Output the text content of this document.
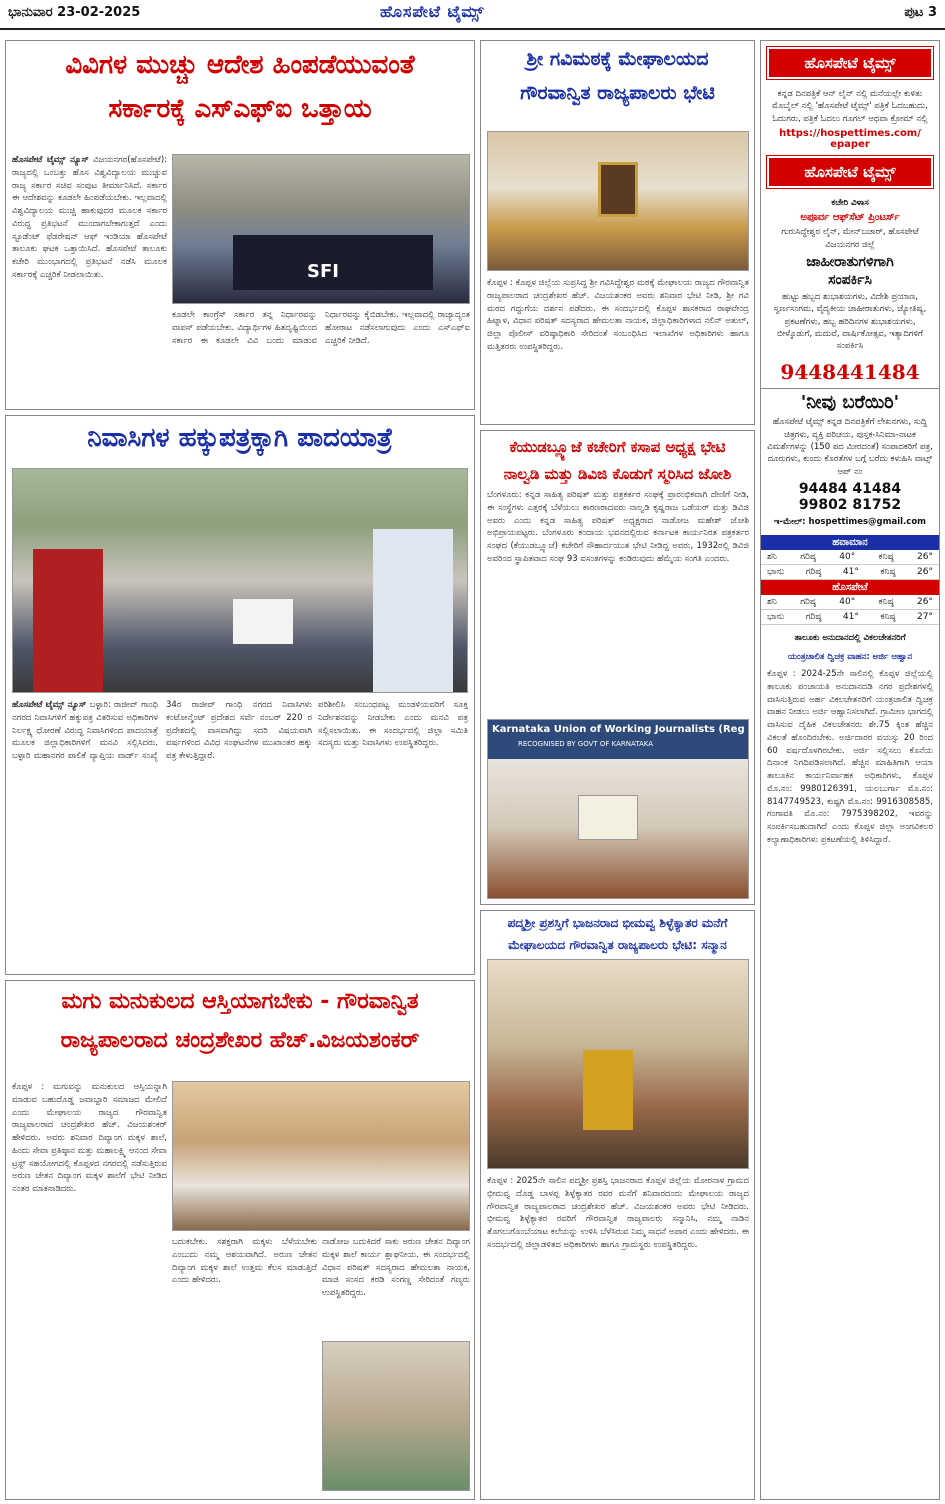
ಭಾನುವಾರ 23-02-2025	ಹೊಸಪೇಟೆ ಟೈಮ್ಸ್	ಪುಟ 3
ವಿವಿಗಳ ಮುಚ್ಚು ಆದೇಶ ಹಿಂಪಡೆಯುವಂತೆ
ಸರ್ಕಾರಕ್ಕೆ ಎಸ್‌ಎಫ್‌ಐ ಒತ್ತಾಯ
ಹೊಸಪೇಟೆ ಟೈಮ್ಸ್ ನ್ಯೂಸ್ ವಿಜಯನಗರ(ಹೊಸಪೇಟೆ): ರಾಜ್ಯದಲ್ಲಿ ಒಂಬತ್ತು ಹೊಸ ವಿಶ್ವವಿದ್ಯಾಲಯ ಮುಚ್ಚುವ ರಾಜ್ಯ ಸರ್ಕಾರ ಸಚಿವ ಸಂಪುಟ ತೀರ್ಮಾನಿಸಿದೆ. ಸರ್ಕಾರ ಈ ಆದೇಶವನ್ನು ಕೂಡಲೇ ಹಿಂಪಡೆಯಬೇಕು. ಇಲ್ಲವಾದಲ್ಲಿ ವಿಶ್ವವಿದ್ಯಾಲಯ ಮುಚ್ಚಿ ಹಾಕುವುದರ ಮೂಲಕ ಸರ್ಕಾರ ವಿರುದ್ಧ ಪ್ರತಿಭಟನೆ ಮುಂದಾಗಬೇಕಾಗುತ್ತದೆ ಎಂದು ಸ್ಟೂಡೆಂಟ್ ಫೆಡರೇಷನ್ ಆಫ್ ಇಂಡಿಯಾ ಹೊಸಪೇಟೆ ತಾಲೂಕು ಘಟಕ ಒತ್ತಾಯಿಸಿದೆ. ಹೊಸಪೇಟೆ ತಾಲೂಕು ಕಚೇರಿ ಮುಂಭಾಗದಲ್ಲಿ ಪ್ರತಿಭಟನೆ ನಡೆಸಿ ಮೂಲಕ ಸರ್ಕಾರಕ್ಕೆ ಎಚ್ಚರಿಕೆ ನೀಡಲಾಯಿತು.	SFI
ಕೂಡಲೇ ಕಾಂಗ್ರೆಸ್ ಸರ್ಕಾರ ತನ್ನ ನಿರ್ಧಾರವನ್ನು ವಾಪಸ್ ಪಡೆಯಬೇಕು. ವಿದ್ಯಾರ್ಥಿಗಳ ಹಿತದೃಷ್ಟಿಯಿಂದ ಸರ್ಕಾರ ಈ ಕೂಡಲೇ ವಿವಿ ಬಂದು ಮಾಡುವ ನಿರ್ಧಾರವನ್ನು ಕೈಬಿಡಬೇಕು. ಇಲ್ಲವಾದಲ್ಲಿ ರಾಜ್ಯಾದ್ಯಂತ ಹೋರಾಟ ನಡೆಸಲಾಗುವುದು ಎಂದು ಎಸ್‌ಎಫ್‌ಐ ಎಚ್ಚರಿಕೆ ನೀಡಿದೆ.
ನಿವಾಸಿಗಳ ಹಕ್ಕುಪತ್ರಕ್ಕಾಗಿ ಪಾದಯಾತ್ರೆ
ಹೊಸಪೇಟೆ ಟೈಮ್ಸ್ ನ್ಯೂಸ್ ಬಳ್ಳಾರಿ: ರಾಜೀವ್ ಗಾಂಧಿ ನಗರದ ನಿವಾಸಿಗಳಿಗೆ ಹಕ್ಕುಪತ್ರ ವಿತರಿಸುವ ಅಧಿಕಾರಿಗಳ ನಿರ್ಲಕ್ಷ್ಯ ಧೋರಣೆ ವಿರುದ್ಧ ನಿವಾಸಿಗಳಿಂದ ಪಾದಯಾತ್ರೆ ಮೂಲಕ ಜಿಲ್ಲಾಧಿಕಾರಿಗಳಿಗೆ ಮನವಿ ಸಲ್ಲಿಸಿದರು. ಬಳ್ಳಾರಿ ಮಹಾನಗರ ಪಾಲಿಕೆ ವ್ಯಾಪ್ತಿಯ ವಾರ್ಡ್ ಸಂಖ್ಯೆ 34ರ ರಾಜೀವ್ ಗಾಂಧಿ ನಗರದ ನಿವಾಸಿಗಳು ಕಂಟೋನ್ಮೆಂಟ್ ಪ್ರದೇಶದ ಸರ್ವೆ ನಂಬರ್ 220 ರ ಪ್ರದೇಶದಲ್ಲಿ ವಾಸವಾಗಿದ್ದು ಸದರಿ ವಿಷಯವಾಗಿ ವರ್ಷಗಳಿಂದ ವಿವಿಧ ಸಂಘಟನೆಗಳ ಮುಖಾಂತರ ಹಕ್ಕು ಪತ್ರ ಕೇಳುತ್ತಿದ್ದಾರೆ.
ಪರಿಶೀಲಿಸಿ ಸಂಬಂಧಪಟ್ಟ ಮಂಡಳಿಯವರಿಗೆ ಸೂಕ್ತ ನಿರ್ದೇಶನವನ್ನು ನೀಡಬೇಕು ಎಂದು ಮನವಿ ಪತ್ರ ಸಲ್ಲಿಸಲಾಯಿತು. ಈ ಸಂದರ್ಭದಲ್ಲಿ ಜಿಲ್ಲಾ ಸಮಿತಿ ಸದಸ್ಯರು ಮತ್ತು ನಿವಾಸಿಗಳು ಉಪಸ್ಥಿತರಿದ್ದರು.
ಮಗು ಮನುಕುಲದ ಆಸ್ತಿಯಾಗಬೇಕು - ಗೌರವಾನ್ವಿತ
ರಾಜ್ಯಪಾಲರಾದ ಚಂದ್ರಶೇಖರ ಹೆಚ್.ವಿಜಯಶಂಕರ್
ಕೊಪ್ಪಳ : ಮಗುವನ್ನು ಮನುಕುಲದ ಆಸ್ತಿಯನ್ನಾಗಿ ಮಾಡುವ ಬಹುದೊಡ್ಡ ಜವಾಬ್ದಾರಿ ಸಮಾಜದ ಮೇಲಿದೆ ಎಂದು ಮೇಘಾಲಯ ರಾಜ್ಯದ ಗೌರವಾನ್ವಿತ ರಾಜ್ಯಪಾಲರಾದ ಚಂದ್ರಶೇಖರ ಹೆಚ್. ವಿಜಯಶಂಕರ್ ಹೇಳಿದರು. ಅವರು ಶನಿವಾರ ದಿವ್ಯಾಂಗ ಮಕ್ಕಳ ಶಾಲೆ, ಹಿಂದು ಸೇವಾ ಪ್ರತಿಷ್ಠಾನ ಮತ್ತು ಮಹಾಲಕ್ಷ್ಮಿ ಆನಂದ ಸೇವಾ ಟ್ರಸ್ಟ್ ಸಹಯೋಗದಲ್ಲಿ ಕೊಪ್ಪಳದ ನಗರದಲ್ಲಿ ನಡೆಸುತ್ತಿರುವ ಅರುಣ ಚೇತನ ದಿವ್ಯಾಂಗ ಮಕ್ಕಳ ಶಾಲೆಗೆ ಭೇಟಿ ನೀಡಿದ ನಂತರ ಮಾತನಾಡಿದರು.
ಬದುಕಬೇಕು. ಸಶಕ್ತರಾಗಿ ಮಕ್ಕಳು ಬೆಳೆಯಬೇಕು ಎಂಬುದು ನಮ್ಮ ಆಶಯವಾಗಿದೆ. ಅರುಣ ಚೇತನ ದಿವ್ಯಾಂಗ ಮಕ್ಕಳ ಶಾಲೆ ಉತ್ತಮ ಕೆಲಸ ಮಾಡುತ್ತಿದೆ ಎಂದು ಹೇಳಿದರು.
ನಾಡೋಜ ಬದುಕಿದರೆ ಸಾಕು ಅರುಣ ಚೇತನ ದಿವ್ಯಾಂಗ ಮಕ್ಕಳ ಶಾಲೆ ಕಾರ್ಯ ಶ್ಲಾಘನೀಯ. ಈ ಸಂದರ್ಭದಲ್ಲಿ ವಿಧಾನ ಪರಿಷತ್ ಸದಸ್ಯರಾದ ಹೇಮಲತಾ ನಾಯಕ, ಮಾಜಿ ಸಂಸದ ಕರಡಿ ಸಂಗಣ್ಣ ಸೇರಿದಂತೆ ಗಣ್ಯರು ಉಪಸ್ಥಿತರಿದ್ದರು.
ಶ್ರೀ ಗವಿಮಠಕ್ಕೆ ಮೇಘಾಲಯದ
ಗೌರವಾನ್ವಿತ ರಾಜ್ಯಪಾಲರು ಭೇಟಿ
ಕೊಪ್ಪಳ : ಕೊಪ್ಪಳ ಜಿಲ್ಲೆಯ ಸುಪ್ರಸಿದ್ಧ ಶ್ರೀ ಗವಿಸಿದ್ಧೇಶ್ವರ ಮಠಕ್ಕೆ ಮೇಘಾಲಯ ರಾಜ್ಯದ ಗೌರವಾನ್ವಿತ ರಾಜ್ಯಪಾಲರಾದ ಚಂದ್ರಶೇಖರ ಹೆಚ್. ವಿಜಯಶಂಕರ ಅವರು ಶನಿವಾರ ಭೇಟಿ ನೀಡಿ, ಶ್ರೀ ಗವಿ ಮಠದ ಗದ್ದುಗೆಯ ದರ್ಶನ ಪಡೆದರು. ಈ ಸಂದರ್ಭದಲ್ಲಿ ಕೊಪ್ಪಳ ಶಾಸಕರಾದ ರಾಘವೇಂದ್ರ ಹಿಟ್ನಾಳ, ವಿಧಾನ ಪರಿಷತ್ ಸದಸ್ಯರಾದ ಹೇಮಲತಾ ನಾಯಕ, ಜಿಲ್ಲಾಧಿಕಾರಿಗಳಾದ ನಲಿನ್ ಅತುಲ್, ಜಿಲ್ಲಾ ಪೊಲೀಸ್ ವರಿಷ್ಠಾಧಿಕಾರಿ ಸೇರಿದಂತೆ ಸಂಬಂಧಿಸಿದ ಇಲಾಖೆಗಳ ಅಧಿಕಾರಿಗಳು ಹಾಗೂ ಮತ್ತಿತರರು ಉಪಸ್ಥಿತರಿದ್ದರು.
ಕೆಯುಡಬ್ಲ್ಯೂಜೆ ಕಚೇರಿಗೆ ಕಸಾಪ ಅಧ್ಯಕ್ಷ ಭೇಟಿ
ನಾಲ್ವಡಿ ಮತ್ತು ಡಿವಿಜಿ ಕೊಡುಗೆ ಸ್ಮರಿಸಿದ ಜೋಶಿ
ಬೆಂಗಳೂರು: ಕನ್ನಡ ಸಾಹಿತ್ಯ ಪರಿಷತ್ ಮತ್ತು ಪತ್ರಕರ್ತರ ಸಂಘಕ್ಕೆ ಪ್ರಾರಂಭಿಕವಾಗಿ ದೇಣಿಗೆ ನೀಡಿ, ಈ ಸಂಸ್ಥೆಗಳು ಎತ್ತರಕ್ಕೆ ಬೆಳೆಯಲು ಕಾರಣರಾದವರು ನಾಲ್ವಡಿ ಕೃಷ್ಣರಾಜ ಒಡೆಯರ್ ಮತ್ತು ಡಿವಿಜಿ ಅವರು ಎಂದು ಕನ್ನಡ ಸಾಹಿತ್ಯ ಪರಿಷತ್ ಅಧ್ಯಕ್ಷರಾದ ನಾಡೋಜ ಮಹೇಶ್ ಜೋಶಿ ಅಭಿಪ್ರಾಯಪಟ್ಟರು. ಬೆಂಗಳೂರು ಕಂದಾಯ ಭವನದಲ್ಲಿರುವ ಕರ್ನಾಟಕ ಕಾರ್ಯನಿರತ ಪತ್ರಕರ್ತರ ಸಂಘದ (ಕೆಯುಡಬ್ಲ್ಯೂಜೆ) ಕಚೇರಿಗೆ ಸೌಹಾರ್ದಯುತ ಭೇಟಿ ನೀಡಿದ್ದ ಅವರು, 1932ರಲ್ಲಿ ಡಿವಿಜಿ ಅವರಿಂದ ಸ್ಥಾಪಿತವಾದ ಸಂಘ 93 ವಸಂತಗಳನ್ನು ಕಂಡಿರುವುದು ಹೆಮ್ಮೆಯ ಸಂಗತಿ ಎಂದರು.
Karnataka Union of Working Journalists (Reg
RECOGNISED BY GOVT OF KARNATAKA
ಪದ್ಮಶ್ರೀ ಪ್ರಶಸ್ತಿಗೆ ಭಾಜನರಾದ ಭೀಮವ್ವ ಶಿಳ್ಳೆಕ್ಯಾತರ ಮನೆಗೆ
ಮೇಘಾಲಯದ ಗೌರವಾನ್ವಿತ ರಾಜ್ಯಪಾಲರು ಭೇಟಿ: ಸನ್ಮಾನ
ಕೊಪ್ಪಳ : 2025ನೇ ಸಾಲಿನ ಪದ್ಮಶ್ರೀ ಪ್ರಶಸ್ತಿ ಭಾಜನರಾದ ಕೊಪ್ಪಳ ಜಿಲ್ಲೆಯ ಮೋರನಾಳ ಗ್ರಾಮದ ಭೀಮವ್ವ ದೊಡ್ಡ ಬಾಳಪ್ಪ ಶಿಳ್ಳೆಕ್ಯಾತರ ರವರ ಮನೆಗೆ ಶನಿವಾರದಂದು ಮೇಘಾಲಯ ರಾಜ್ಯದ ಗೌರವಾನ್ವಿತ ರಾಜ್ಯಪಾಲರಾದ ಚಂದ್ರಶೇಖರ ಹೆಚ್. ವಿಜಯಶಂಕರ ಅವರು ಭೇಟಿ ನೀಡಿದರು. ಭೀಮವ್ವ ಶಿಳ್ಳೆಕ್ಯಾತರ ರವರಿಗೆ ಗೌರವಾನ್ವಿತ ರಾಜ್ಯಪಾಲರು ಸನ್ಮಾನಿಸಿ, ನಮ್ಮ ನಾಡಿನ ತೊಗಲುಗೊಂಬೆಯಾಟ ಕಲೆಯನ್ನು ಉಳಿಸಿ ಬೆಳೆಸಿರುವ ನಿಮ್ಮ ಸಾಧನೆ ಅಪಾರ ಎಂದು ಹೇಳಿದರು. ಈ ಸಂದರ್ಭದಲ್ಲಿ ಜಿಲ್ಲಾಡಳಿತದ ಅಧಿಕಾರಿಗಳು ಹಾಗೂ ಗ್ರಾಮಸ್ಥರು ಉಪಸ್ಥಿತರಿದ್ದರು.
ಹೊಸಪೇಟೆ ಟೈಮ್ಸ್
ಕನ್ನಡ ದಿನಪತ್ರಿಕೆ ಆನ್ ಲೈನ್ ನಲ್ಲಿ ಮನೆಯಲ್ಲೇ ಕುಳಿತು ಮೊಬೈಲ್ ನಲ್ಲಿ 'ಹೊಸಪೇಟೆ ಟೈಮ್ಸ್' ಪತ್ರಿಕೆ ಓದಬಹುದು, ಓದುಗರು, ಪತ್ರಿಕೆ ಓದಲು ಗೂಗಲ್ ಅಥವಾ ಕ್ರೋಮ್ ನಲ್ಲಿ
https://hospettimes.com/
epaper
ಹೊಸಪೇಟೆ ಟೈಮ್ಸ್
ಕಚೇರಿ ವಿಳಾಸ
ಅಪೂರ್ವ ಆಫ್‌ಸೆಟ್ ಪ್ರಿಂಟರ್ಸ್
ಗುರುಸಿದ್ಧೇಶ್ವರ ಲೈನ್, ಮೇನ್‌ಬಜಾರ್, ಹೊಸಪೇಟೆ ವಿಜಯನಗರ ಜಿಲ್ಲೆ
ಜಾಹೀರಾತುಗಳಿಗಾಗಿ
ಸಂಪರ್ಕಿಸಿ
ಹುಟ್ಟು ಹಬ್ಬದ ಶುಭಾಶಯಗಳು, ವಿದೇಶಿ ಪ್ರಯಾಣ, ಸ್ವರ್ಣಸಂಗಮ, ವೈದ್ಯಕೀಯ ಜಾಹೀರಾತುಗಳು, ಜ್ಯೋತಿಷ್ಯ, ಪ್ರಕಟಣೆಗಳು, ಹಬ್ಬ ಹರಿದಿನಗಳ ಶುಭಾಶಯಗಳು, ಬೀಳ್ಕೊಡುಗೆ, ಮದುವೆ, ವಾರ್ಷಿಕೋತ್ಸವ, ಇತ್ಯಾದಿಗಳಿಗೆ ಸಂಪರ್ಕಿಸಿ
9448441484
'ನೀವು ಬರೆಯಿರಿ'
ಹೊಸಪೇಟೆ ಟೈಮ್ಸ್ ಕನ್ನಡ ದಿನಪತ್ರಿಕೆಗೆ ಲೇಖನಗಳು, ಸುದ್ದಿ ಚಿತ್ರಗಳು, ವ್ಯಕ್ತಿ ಪರಿಚಯ, ಪುಸ್ತಕ-ಸಿನಿಮಾ-ನಾಟಕ ವಿಮರ್ಶೆಗಳನ್ನು (150 ಪದ ಮೀರದಂತೆ) ಸಂಪಾದಕರಿಗೆ ಪತ್ರ, ದೂರುಗಳು, ಕುಂದು ಕೊರತೆಗಳ ಬಗ್ಗೆ ಬರೆದು ಕಳುಹಿಸಿ ವಾಟ್ಸ್ ಆಪ್ ನಂ
94484 41484
99802 81752
ಇ-ಮೇಲ್: hospettimes@gmail.com
ಹವಾಮಾನ
ಶನಿ	ಗರಿಷ್ಠ	40°	ಕನಿಷ್ಠ	26°
ಭಾನು ಗರಿಷ್ಠ 41° ಕನಿಷ್ಠ 26°
ಹೊಸಪೇಟೆ
ಶನಿ	ಗರಿಷ್ಠ	40°	ಕನಿಷ್ಠ	26°
ಭಾನು ಗರಿಷ್ಠ 41° ಕನಿಷ್ಠ 27°
ತಾಲೂಕು ಅನುದಾನದಲ್ಲಿ ವಿಕಲಚೇತನರಿಗೆ
ಯಂತ್ರಚಾಲಿತ ದ್ವಿಚಕ್ರ ವಾಹನ: ಅರ್ಜಿ ಆಹ್ವಾನ
ಕೊಪ್ಪಳ : 2024-25ನೇ ಸಾಲಿನಲ್ಲಿ ಕೊಪ್ಪಳ ಜಿಲ್ಲೆಯಲ್ಲಿ ತಾಲೂಕು ಪಂಚಾಯತಿ ಅನುದಾನದಡಿ ನಗರ ಪ್ರದೇಶಗಳಲ್ಲಿ ವಾಸಿಸುತ್ತಿರುವ ಅರ್ಹ ವಿಕಲಚೇತನರಿಗೆ ಯಂತ್ರಚಾಲಿತ ದ್ವಿಚಕ್ರ ವಾಹನ ನೀಡಲು ಅರ್ಜಿ ಆಹ್ವಾನಿಸಲಾಗಿದೆ. ಗ್ರಾಮೀಣ ಭಾಗದಲ್ಲಿ ವಾಸಿಸುವ ದೈಹಿಕ ವಿಕಲಚೇತನರು ಶೇ.75 ಕ್ಕಿಂತ ಹೆಚ್ಚಿನ ವಿಕಲತೆ ಹೊಂದಿರಬೇಕು. ಅರ್ಜಿದಾರರ ವಯಸ್ಸು 20 ರಿಂದ 60 ವರ್ಷದೊಳಗಿರಬೇಕು. ಅರ್ಜಿ ಸಲ್ಲಿಸಲು ಕೊನೆಯ ದಿನಾಂಕ ನಿಗದಿಪಡಿಸಲಾಗಿದೆ. ಹೆಚ್ಚಿನ ಮಾಹಿತಿಗಾಗಿ ಆಯಾ ತಾಲೂಕಿನ ಕಾರ್ಯನಿರ್ವಾಹಕ ಅಧಿಕಾರಿಗಳು, ಕೊಪ್ಪಳ ಮೊ.ನಂ: 9980126391, ಯಲಬುರ್ಗಾ ಮೊ.ನಂ: 8147749523, ಕುಷ್ಟಗಿ ಮೊ.ನಂ: 9916308585, ಗಂಗಾವತಿ ಮೊ.ನಂ: 7975398202, ಇವರನ್ನು ಸಂಪರ್ಕಿಸಬಹುದಾಗಿದೆ ಎಂದು ಕೊಪ್ಪಳ ಜಿಲ್ಲಾ ಅಂಗವಿಕಲರ ಕಲ್ಯಾಣಾಧಿಕಾರಿಗಳು ಪ್ರಕಟಣೆಯಲ್ಲಿ ತಿಳಿಸಿದ್ದಾರೆ.
